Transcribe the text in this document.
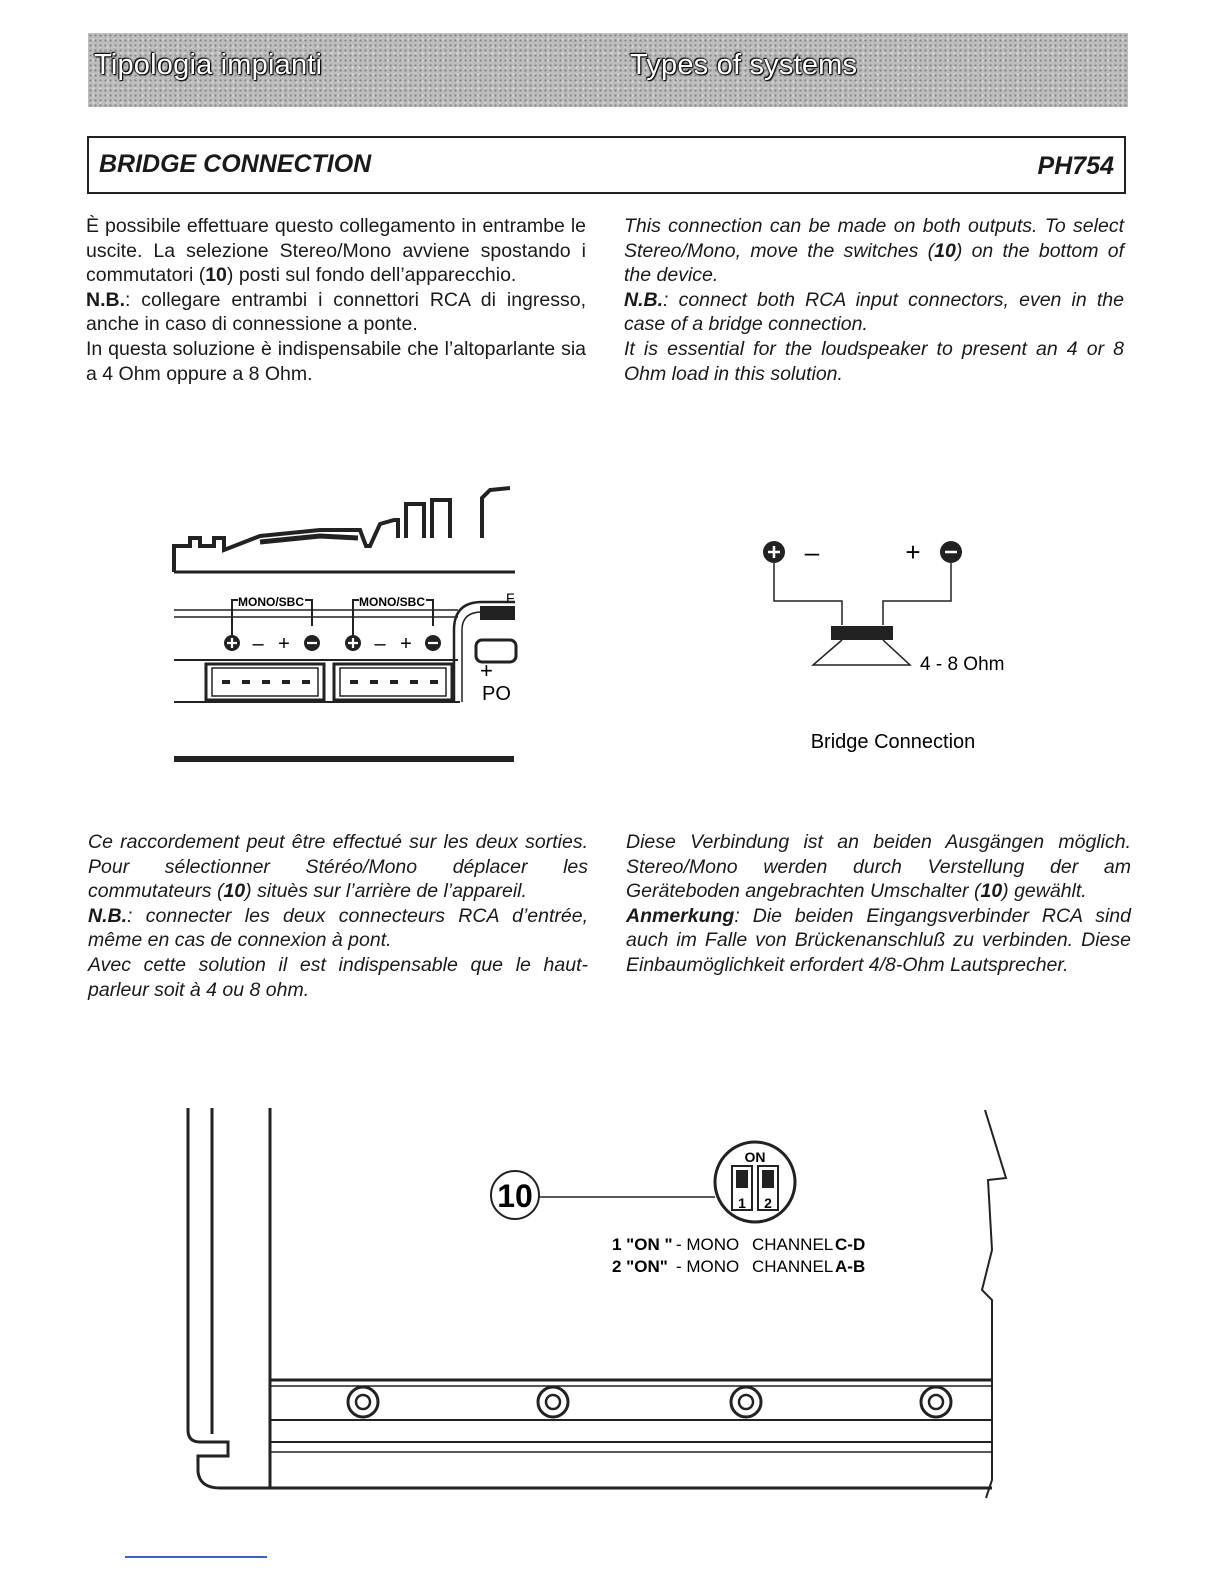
Tipologia impianti	Types of systems
BRIDGE CONNECTION	PH754

È possibile effettuare questo collegamento in entrambe le uscite. La selezione Stereo/Mono avviene spostando i commutatori (10) posti sul fondo dell’apparecchio.

N.B.: collegare entrambi i connettori RCA di ingresso, anche in caso di connessione a ponte.

In questa soluzione è indispensabile che l’altoparlante sia a 4 Ohm oppure a 8 Ohm.

This connection can be made on both outputs. To select Stereo/Mono, move the switches (10) on the bottom of the device.

N.B.: connect both RCA input connectors, even in the case of a bridge connection.

It is essential for the loudspeaker to present an 4 or 8 Ohm load in this solution.

MONO/SBC	MONO/SBC
– +	– +
F
+
PO
–	+
4 - 8 Ohm
Bridge Connection

Ce raccordement peut être effectué sur les deux sorties. Pour sélectionner Stéréo/Mono déplacer les commutateurs (10) situès sur l’arrière de l’appareil.

N.B.: connecter les deux connecteurs RCA d’entrée, même en cas de connexion à pont.

Avec cette solution il est indispensable que le haut-parleur soit à 4 ou 8 ohm.

Diese Verbindung ist an beiden Ausgängen möglich. Stereo/Mono werden durch Verstellung der am Geräteboden angebrachten Umschalter (10) gewählt.

Anmerkung: Die beiden Eingangsverbinder RCA sind auch im Falle von Brückenanschluß zu verbinden. Diese Einbaumöglichkeit erfordert 4/8-Ohm Lautsprecher.

10
ON
1 2
1 "ON " - MONO CHANNEL C-D
2 "ON" - MONO CHANNEL A-B
